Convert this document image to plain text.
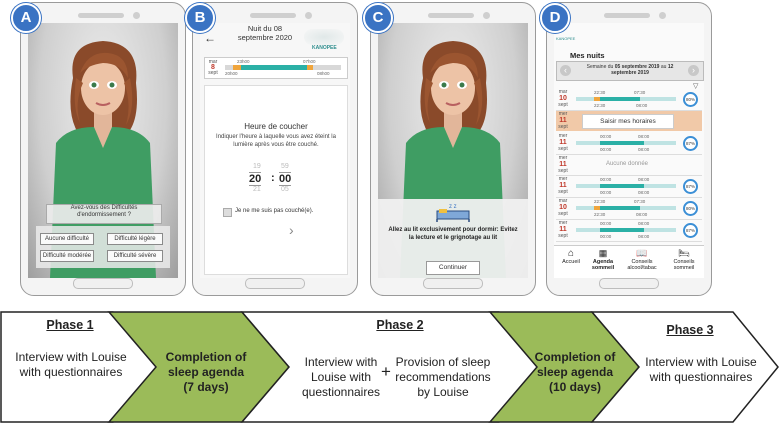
Avez-vous des Difficultés d'endormissement ?
Aucune difficulté	Difficulté légère
Difficulté modérée	Difficulté sévère
A
←
Nuit du 08 septembre 2020
KANOPEE
mar
8
sept
23h00	07h00
20h00	08h00
Heure de coucher
Indiquer l'heure à laquelle vous avez éteint la lumière après vous être couché.
19	59
20 : 00
21	05
Je ne me suis pas couché(e).
›
B
z z
Allez au lit exclusivement pour dormir: Evitez la lecture et le grignotage au lit
Continuer
C
KANOPEE
Mes nuits
‹	Semaine du 05 septembre 2019 au 12 septembre 2019	›
▽
mar
10
sept
22:30	07:30
22:30	08:00
80%
mer
11
sept
Saisir mes horaires
mer
11
sept
00:00	08:00
00:00	08:00
87%
mer
11
sept
Aucune donnée
mer
11
sept
00:00	08:00
00:00	08:00
87%
mar
10
sept
22:30	07:30
22:30	08:00
80%
mer
11
sept
00:00	08:00
00:00	08:00
87%
⌂
Accueil
▦
Agenda
sommeil
📖
Conseils
alcool/tabac
🛏
Conseils
sommeil
D
Phase 1
Interview with Louise
with questionnaires
Completion of
sleep agenda
(7 days)
Phase 2
Interview with
Louise with
questionnaires
+ Provision of sleep
recommendations
by Louise
Completion of
sleep agenda
(10 days)
Phase 3
Interview with Louise
with questionnaires
